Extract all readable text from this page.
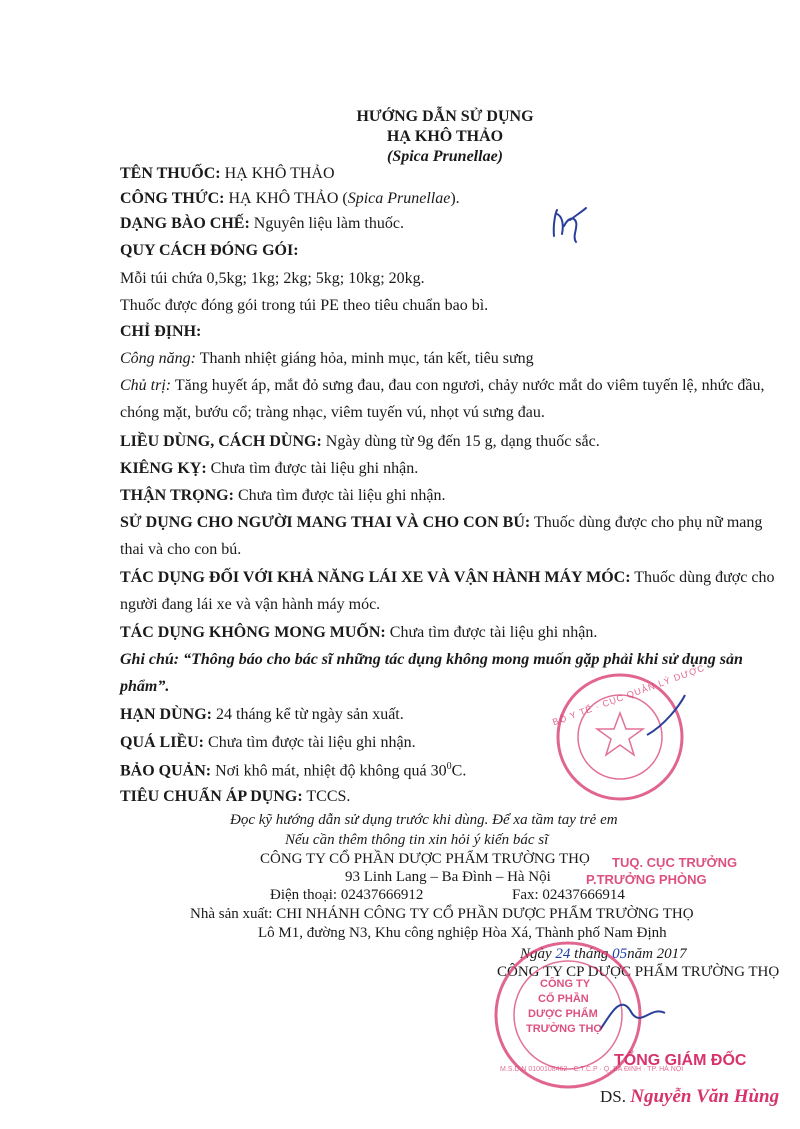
HƯỚNG DẪN SỬ DỤNG
HẠ KHÔ THẢO
(Spica Prunellae)
TÊN THUỐC: HẠ KHÔ THẢO
CÔNG THỨC: HẠ KHÔ THẢO (Spica Prunellae).
DẠNG BÀO CHẾ: Nguyên liệu làm thuốc.
QUY CÁCH ĐÓNG GÓI:
Mỗi túi chứa 0,5kg; 1kg; 2kg; 5kg; 10kg; 20kg.
Thuốc được đóng gói trong túi PE theo tiêu chuẩn bao bì.
CHỈ ĐỊNH:
Công năng: Thanh nhiệt giáng hỏa, minh mục, tán kết, tiêu sưng
Chủ trị: Tăng huyết áp, mắt đỏ sưng đau, đau con ngươi, chảy nước mắt do viêm tuyến lệ, nhức đầu,
chóng mặt, bướu cổ; tràng nhạc, viêm tuyến vú, nhọt vú sưng đau.
LIỀU DÙNG, CÁCH DÙNG: Ngày dùng từ 9g đến 15 g, dạng thuốc sắc.
KIÊNG KỴ: Chưa tìm được tài liệu ghi nhận.
THẬN TRỌNG: Chưa tìm được tài liệu ghi nhận.
SỬ DỤNG CHO NGƯỜI MANG THAI VÀ CHO CON BÚ: Thuốc dùng được cho phụ nữ mang
thai và cho con bú.
TÁC DỤNG ĐỐI VỚI KHẢ NĂNG LÁI XE VÀ VẬN HÀNH MÁY MÓC: Thuốc dùng được cho
người đang lái xe và vận hành máy móc.
TÁC DỤNG KHÔNG MONG MUỐN: Chưa tìm được tài liệu ghi nhận.
Ghi chú: “Thông báo cho bác sĩ những tác dụng không mong muốn gặp phải khi sử dụng sản
phẩm”.
HẠN DÙNG: 24 tháng kể từ ngày sản xuất.
QUÁ LIỀU: Chưa tìm được tài liệu ghi nhận.
BẢO QUẢN: Nơi khô mát, nhiệt độ không quá $30^0C$.
TIÊU CHUẨN ÁP DỤNG: TCCS.
Đọc kỹ hướng dẫn sử dụng trước khi dùng. Để xa tầm tay trẻ em
Nếu cần thêm thông tin xin hỏi ý kiến bác sĩ
CÔNG TY CỔ PHẦN DƯỢC PHẨM TRƯỜNG THỌ
93 Linh Lang – Ba Đình – Hà Nội
Điện thoại: 02437666912	Fax: 02437666914
Nhà sản xuất: CHI NHÁNH CÔNG TY CỔ PHẦN DƯỢC PHẨM TRƯỜNG THỌ
Lô M1, đường N3, Khu công nghiệp Hòa Xá, Thành phố Nam Định
Ngày 24 tháng 05năm 2017
CÔNG TY CP DƯỢC PHẨM TRƯỜNG THỌ
TỔNG GIÁM ĐỐC
DS. Nguyễn Văn Hùng
BỘ Y TẾ · CỤC QUẢN LÝ DƯỢC
TUQ. CỤC TRƯỞNG
P.TRƯỞNG PHÒNG
CÔNG TY
CỔ PHẦN
DƯỢC PHẨM
TRƯỜNG THỌ
M.S.D.N 0100108462 · C.T.C.P · Q. BA ĐÌNH · TP. HÀ NỘI
